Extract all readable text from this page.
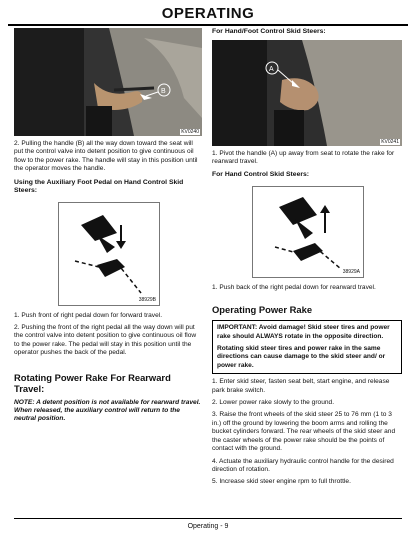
OPERATING
B
KV0240
2. Pulling the handle (B) all the way down toward the seat will put the control valve into detent position to give continuous oil flow to the power rake. The handle will stay in this position until the operator moves the handle.
Using the Auxiliary Foot Pedal on Hand Control Skid Steers:
38929B
1. Push front of right pedal down for forward travel.
2. Pushing the front of the right pedal all the way down will put the control valve into detent position to give continuous oil flow to the power rake. The pedal will stay in this position until the operator pushes the back of the pedal.
Rotating Power Rake For Rearward Travel:
NOTE: A detent position is not available for rearward travel. When released, the auxiliary control will return to the neutral position.
For Hand/Foot Control Skid Steers:
A
KV0241
1. Pivot the handle (A) up away from seat to rotate the rake for rearward travel.
For Hand Control Skid Steers:
38929A
1. Push back of the right pedal down for rearward travel.
Operating Power Rake
IMPORTANT: Avoid damage! Skid steer tires and power rake should ALWAYS rotate in the opposite direction.
Rotating skid steer tires and power rake in the same directions can cause damage to the skid steer and/ or power rake.
1. Enter skid steer, fasten seat belt, start engine, and release park brake switch.
2. Lower power rake slowly to the ground.
3. Raise the front wheels of the skid steer 25 to 76 mm (1 to 3 in.) off the ground by lowering the boom arms and rolling the bucket cylinders forward. The rear wheels of the skid steer and the caster wheels of the power rake should be the points of contact with the ground.
4. Actuate the auxiliary hydraulic control handle for the desired direction of rotation.
5. Increase skid steer engine rpm to full throttle.
Operating - 9
